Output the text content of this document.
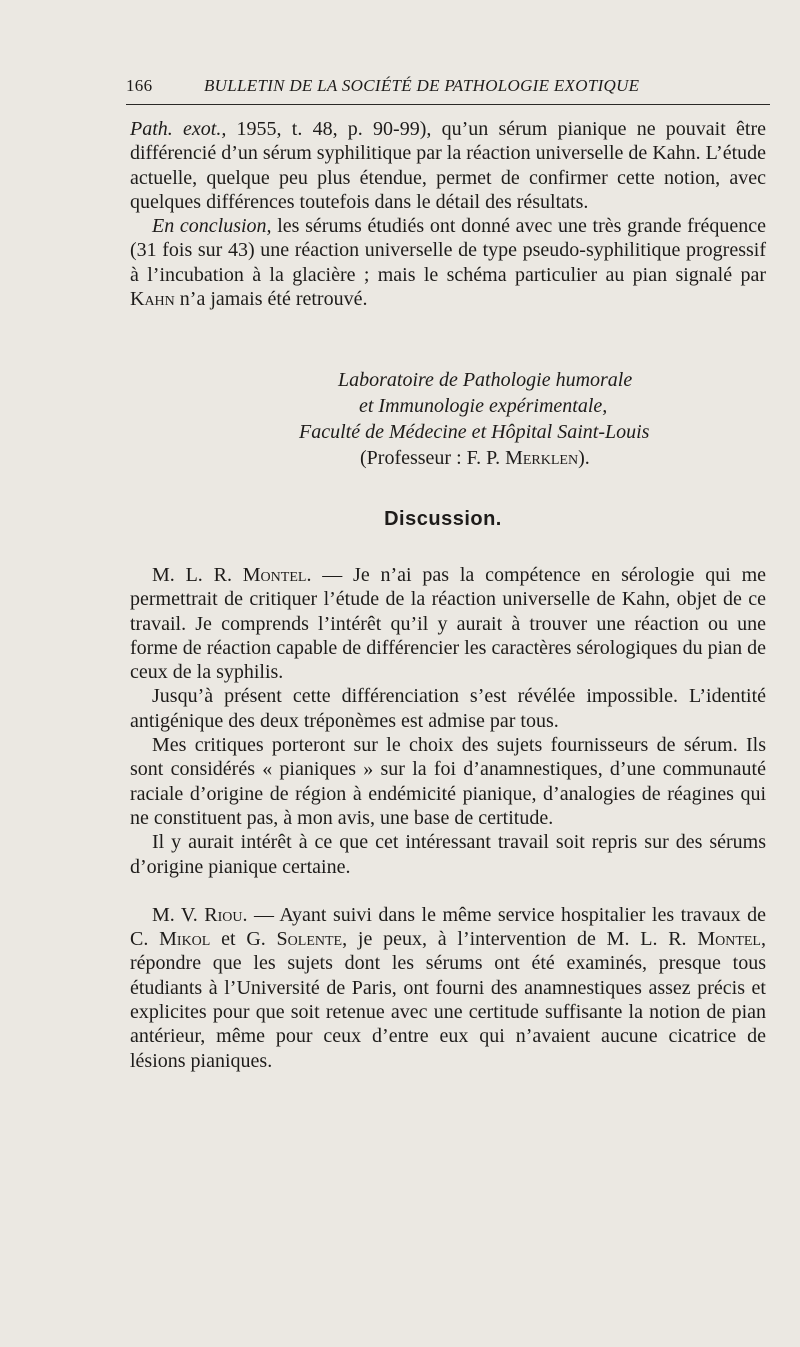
166	BULLETIN DE LA SOCIÉTÉ DE PATHOLOGIE EXOTIQUE

Path. exot., 1955, t. 48, p. 90-99), qu’un sérum pianique ne pouvait être différencié d’un sérum syphilitique par la réaction universelle de Kahn. L’étude actuelle, quelque peu plus étendue, permet de confirmer cette notion, avec quelques différences toutefois dans le détail des résultats.

En conclusion, les sérums étudiés ont donné avec une très grande fréquence (31 fois sur 43) une réaction universelle de type pseudo-syphilitique progressif à l’incubation à la glacière ; mais le schéma particulier au pian signalé par Kahn n’a jamais été retrouvé.

Laboratoire de Pathologie humorale
et Immunologie expérimentale,
Faculté de Médecine et Hôpital Saint-Louis
(Professeur : F. P. Merklen).
Discussion.

M. L. R. Montel. — Je n’ai pas la compétence en sérologie qui me permettrait de critiquer l’étude de la réaction universelle de Kahn, objet de ce travail. Je comprends l’intérêt qu’il y aurait à trouver une réaction ou une forme de réaction capable de différencier les caractères sérologiques du pian de ceux de la syphilis.

Jusqu’à présent cette différenciation s’est révélée impossible. L’identité antigénique des deux tréponèmes est admise par tous.

Mes critiques porteront sur le choix des sujets fournisseurs de sérum. Ils sont considérés « pianiques » sur la foi d’anamnestiques, d’une communauté raciale d’origine de région à endémicité pianique, d’analogies de réagines qui ne constituent pas, à mon avis, une base de certitude.

Il y aurait intérêt à ce que cet intéressant travail soit repris sur des sérums d’origine pianique certaine.

M. V. Riou. — Ayant suivi dans le même service hospitalier les travaux de C. Mikol et G. Solente, je peux, à l’intervention de M. L. R. Montel, répondre que les sujets dont les sérums ont été examinés, presque tous étudiants à l’Université de Paris, ont fourni des anamnestiques assez précis et explicites pour que soit retenue avec une certitude suffisante la notion de pian antérieur, même pour ceux d’entre eux qui n’avaient aucune cicatrice de lésions pianiques.
